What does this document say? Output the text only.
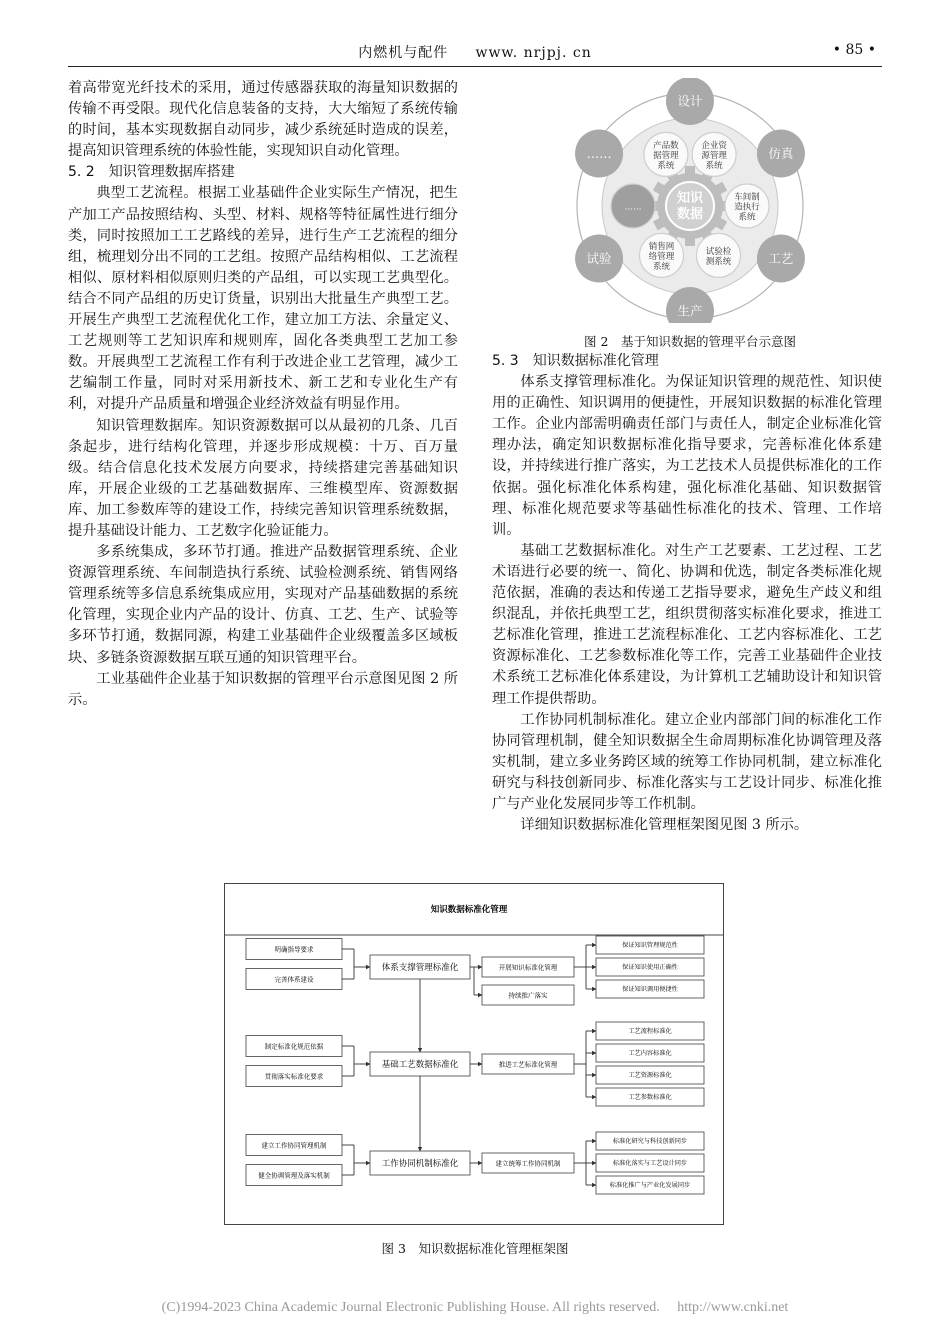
内燃机与配件 www. nrjpj. cn	• 85 •

着高带宽光纤技术的采用，通过传感器获取的海量知识数据的传输不再受限。现代化信息装备的支持，大大缩短了系统传输的时间，基本实现数据自动同步，减少系统延时造成的误差，提高知识管理系统的体验性能，实现知识自动化管理。

5. 2　知识管理数据库搭建

典型工艺流程。根据工业基础件企业实际生产情况，把生产加工产品按照结构、头型、材料、规格等特征属性进行细分类，同时按照加工工艺路线的差异，进行生产工艺流程的细分组，梳理划分出不同的工艺组。按照产品结构相似、工艺流程相似、原材料相似原则归类的产品组，可以实现工艺典型化。结合不同产品组的历史订货量，识别出大批量生产典型工艺。开展生产典型工艺流程优化工作，建立加工方法、余量定义、工艺规则等工艺知识库和规则库，固化各类典型工艺加工参数。开展典型工艺流程工作有利于改进企业工艺管理，减少工艺编制工作量，同时对采用新技术、新工艺和专业化生产有利，对提升产品质量和增强企业经济效益有明显作用。

知识管理数据库。知识资源数据可以从最初的几条、几百条起步，进行结构化管理，并逐步形成规模：十万、百万量级。结合信息化技术发展方向要求，持续搭建完善基础知识库，开展企业级的工艺基础数据库、三维模型库、资源数据库、加工参数库等的建设工作，持续完善知识管理系统数据，提升基础设计能力、工艺数字化验证能力。

多系统集成，多环节打通。推进产品数据管理系统、企业资源管理系统、车间制造执行系统、试验检测系统、销售网络管理系统等多信息系统集成应用，实现对产品基础数据的系统化管理，实现企业内产品的设计、仿真、工艺、生产、试验等多环节打通，数据同源，构建工业基础件企业级覆盖多区域板块、多链条资源数据互联互通的知识管理平台。

工业基础件企业基于知识数据的管理平台示意图见图 2 所示。

知识
数据
产品数
据管理
系统
企业资
源管理
系统
车间制
造执行
系统
试验检
测系统
销售网
络管理
系统
……
设计
仿真
工艺
生产
试验
……
图 2　基于知识数据的管理平台示意图

5. 3　知识数据标准化管理

体系支撑管理标准化。为保证知识管理的规范性、知识使用的正确性、知识调用的便捷性，开展知识数据的标准化管理工作。企业内部需明确责任部门与责任人，制定企业标准化管理办法，确定知识数据标准化指导要求，完善标准化体系建设，并持续进行推广落实，为工艺技术人员提供标准化的工作依据。强化标准化体系构建，强化标准化基础、知识数据管理、标准化规范要求等基础性标准化的技术、管理、工作培训。

基础工艺数据标准化。对生产工艺要素、工艺过程、工艺术语进行必要的统一、简化、协调和优选，制定各类标准化规范依据，准确的表达和传递工艺指导要求，避免生产歧义和组织混乱，并依托典型工艺，组织贯彻落实标准化要求，推进工艺标准化管理，推进工艺流程标准化、工艺内容标准化、工艺资源标准化、工艺参数标准化等工作，完善工业基础件企业技术系统工艺标准化体系建设，为计算机工艺辅助设计和知识管理工作提供帮助。

工作协同机制标准化。建立企业内部部门间的标准化工作协同管理机制，健全知识数据全生命周期标准化协调管理及落实机制，建立多业务跨区域的统筹工作协同机制，建立标准化研究与科技创新同步、标准化落实与工艺设计同步、标准化推广与产业化发展同步等工作机制。

详细知识数据标准化管理框架图见图 3 所示。

知识数据标准化管理
明确指导要求
完善体系建设
体系支撑管理标准化	开展知识标准化管理
持续推广落实
保证知识管理规范性
保证知识使用正确性
保证知识调用便捷性
制定标准化规范依据
贯彻落实标准化要求
基础工艺数据标准化	推进工艺标准化管理
工艺流程标准化
工艺内容标准化
工艺资源标准化
工艺参数标准化
建立工作协同管理机制
健全协调管理及落实机制
工作协同机制标准化	建立统筹工作协同机制
标准化研究与科技创新同步
标准化落实与工艺设计同步
标准化推广与产业化发展同步
图 3　知识数据标准化管理框架图
(C)1994-2023 China Academic Journal Electronic Publishing House. All rights reserved.　 http://www.cnki.net
